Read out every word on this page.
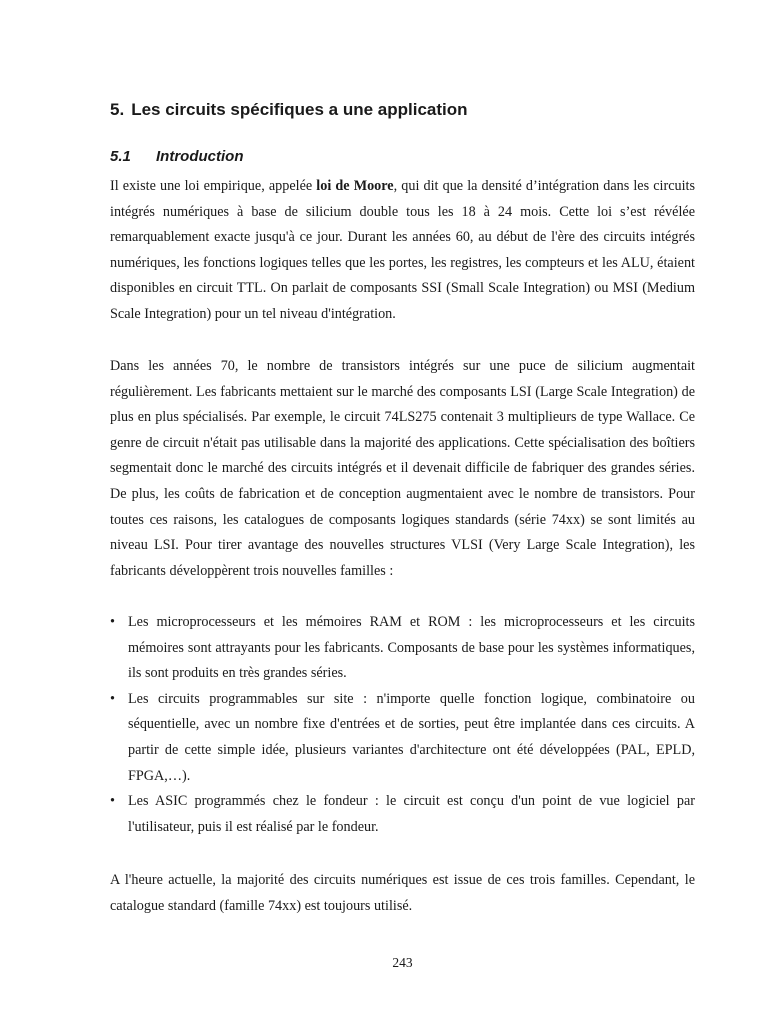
5. Les circuits spécifiques a une application
5.1 Introduction

Il existe une loi empirique, appelée loi de Moore, qui dit que la densité d’intégration dans les circuits intégrés numériques à base de silicium double tous les 18 à 24 mois. Cette loi s’est révélée remarquablement exacte jusqu'à ce jour. Durant les années 60, au début de l'ère des circuits intégrés numériques, les fonctions logiques telles que les portes, les registres, les compteurs et les ALU, étaient disponibles en circuit TTL. On parlait de composants SSI (Small Scale Integration) ou MSI (Medium Scale Integration) pour un tel niveau d'intégration.

Dans les années 70, le nombre de transistors intégrés sur une puce de silicium augmentait régulièrement. Les fabricants mettaient sur le marché des composants LSI (Large Scale Integration) de plus en plus spécialisés. Par exemple, le circuit 74LS275 contenait 3 multiplieurs de type Wallace. Ce genre de circuit n'était pas utilisable dans la majorité des applications. Cette spécialisation des boîtiers segmentait donc le marché des circuits intégrés et il devenait difficile de fabriquer des grandes séries. De plus, les coûts de fabrication et de conception augmentaient avec le nombre de transistors. Pour toutes ces raisons, les catalogues de composants logiques standards (série 74xx) se sont limités au niveau LSI. Pour tirer avantage des nouvelles structures VLSI (Very Large Scale Integration), les fabricants développèrent trois nouvelles familles :

• Les microprocesseurs et les mémoires RAM et ROM : les microprocesseurs et les circuits mémoires sont attrayants pour les fabricants. Composants de base pour les systèmes informatiques, ils sont produits en très grandes séries.
• Les circuits programmables sur site : n'importe quelle fonction logique, combinatoire ou séquentielle, avec un nombre fixe d'entrées et de sorties, peut être implantée dans ces circuits. A partir de cette simple idée, plusieurs variantes d'architecture ont été développées (PAL, EPLD, FPGA,…).
• Les ASIC programmés chez le fondeur : le circuit est conçu d'un point de vue logiciel par l'utilisateur, puis il est réalisé par le fondeur.

A l'heure actuelle, la majorité des circuits numériques est issue de ces trois familles. Cependant, le catalogue standard (famille 74xx) est toujours utilisé.

243
